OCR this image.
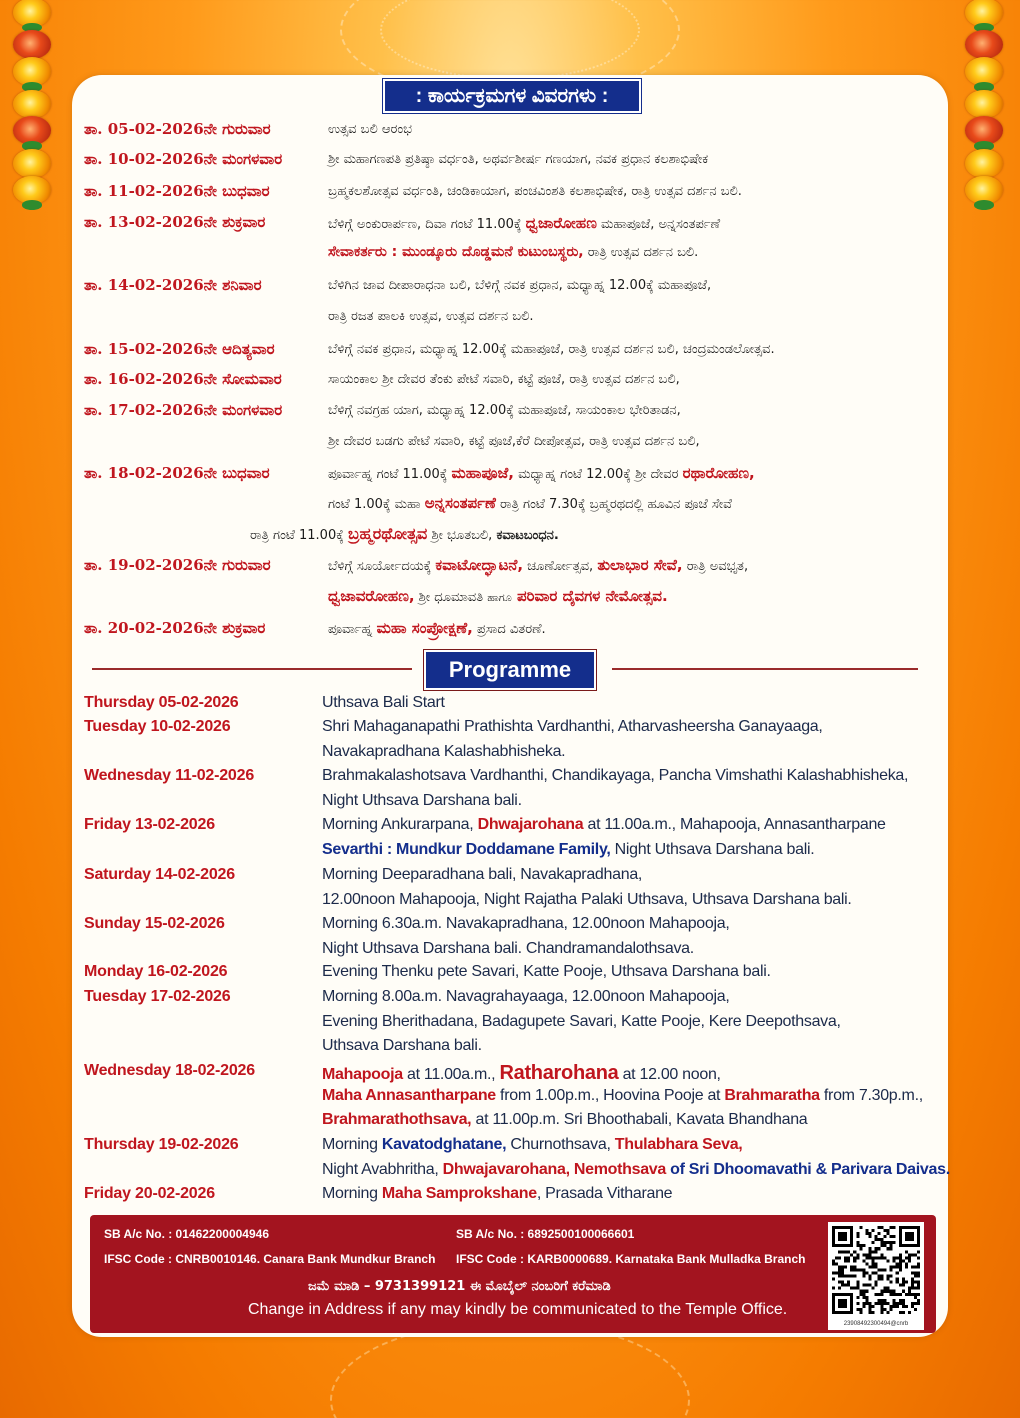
: ಕಾರ್ಯಕ್ರಮಗಳ ವಿವರಗಳು :
ತಾ. 05-02-2026ನೇ ಗುರುವಾರ	ಉತ್ಸವ ಬಲಿ ಆರಂಭ
ತಾ. 10-02-2026ನೇ ಮಂಗಳವಾರ	ಶ್ರೀ ಮಹಾಗಣಪತಿ ಪ್ರತಿಷ್ಠಾ ವರ್ಧಂತಿ, ಅಥರ್ವಶೀರ್ಷ ಗಣಯಾಗ, ನವಕ ಪ್ರಧಾನ ಕಲಶಾಭಿಷೇಕ
ತಾ. 11-02-2026ನೇ ಬುಧವಾರ	ಬ್ರಹ್ಮಕಲಶೋತ್ಸವ ವರ್ಧಂತಿ, ಚಂಡಿಕಾಯಾಗ, ಪಂಚವಿಂಶತಿ ಕಲಶಾಭಿಷೇಕ, ರಾತ್ರಿ ಉತ್ಸವ ದರ್ಶನ ಬಲಿ.
ತಾ. 13-02-2026ನೇ ಶುಕ್ರವಾರ	ಬೆಳಿಗ್ಗೆ ಅಂಕುರಾರ್ಪಣ, ದಿವಾ ಗಂಟೆ 11.00ಕ್ಕೆ ಧ್ವಜಾರೋಹಣ ಮಹಾಪೂಜೆ, ಅನ್ನಸಂತರ್ಪಣೆ
ಸೇವಾಕರ್ತರು : ಮುಂಡ್ಕೂರು ದೊಡ್ಡಮನೆ ಕುಟುಂಬಸ್ಥರು, ರಾತ್ರಿ ಉತ್ಸವ ದರ್ಶನ ಬಲಿ.
ತಾ. 14-02-2026ನೇ ಶನಿವಾರ	ಬೆಳಿಗಿನ ಜಾವ ದೀಪಾರಾಧನಾ ಬಲಿ, ಬೆಳಿಗ್ಗೆ ನವಕ ಪ್ರಧಾನ, ಮಧ್ಯಾಹ್ನ 12.00ಕ್ಕೆ ಮಹಾಪೂಜೆ,
ರಾತ್ರಿ ರಜತ ಪಾಲಕಿ ಉತ್ಸವ, ಉತ್ಸವ ದರ್ಶನ ಬಲಿ.
ತಾ. 15-02-2026ನೇ ಆದಿತ್ಯವಾರ	ಬೆಳಿಗ್ಗೆ ನವಕ ಪ್ರಧಾನ, ಮಧ್ಯಾಹ್ನ 12.00ಕ್ಕೆ ಮಹಾಪೂಜೆ, ರಾತ್ರಿ ಉತ್ಸವ ದರ್ಶನ ಬಲಿ, ಚಂದ್ರಮಂಡಲೋತ್ಸವ.
ತಾ. 16-02-2026ನೇ ಸೋಮವಾರ	ಸಾಯಂಕಾಲ ಶ್ರೀ ದೇವರ ತೆಂಕು ಪೇಟೆ ಸವಾರಿ, ಕಟ್ಟೆ ಪೂಜೆ, ರಾತ್ರಿ ಉತ್ಸವ ದರ್ಶನ ಬಲಿ,
ತಾ. 17-02-2026ನೇ ಮಂಗಳವಾರ	ಬೆಳಿಗ್ಗೆ ನವಗ್ರಹ ಯಾಗ, ಮಧ್ಯಾಹ್ನ 12.00ಕ್ಕೆ ಮಹಾಪೂಜೆ, ಸಾಯಂಕಾಲ ಭೇರಿತಾಡನ,
ಶ್ರೀ ದೇವರ ಬಡಗು ಪೇಟೆ ಸವಾರಿ, ಕಟ್ಟೆ ಪೂಜೆ,ಕೆರೆ ದೀಪೋತ್ಸವ, ರಾತ್ರಿ ಉತ್ಸವ ದರ್ಶನ ಬಲಿ,
ತಾ. 18-02-2026ನೇ ಬುಧವಾರ	ಪೂರ್ವಾಹ್ನ ಗಂಟೆ 11.00ಕ್ಕೆ ಮಹಾಪೂಜೆ, ಮಧ್ಯಾಹ್ನ ಗಂಟೆ 12.00ಕ್ಕೆ ಶ್ರೀ ದೇವರ ರಥಾರೋಹಣ,
ಗಂಟೆ 1.00ಕ್ಕೆ ಮಹಾ ಅನ್ನಸಂತರ್ಪಣೆ ರಾತ್ರಿ ಗಂಟೆ 7.30ಕ್ಕೆ ಬ್ರಹ್ಮರಥದಲ್ಲಿ ಹೂವಿನ ಪೂಜೆ ಸೇವೆ
ರಾತ್ರಿ ಗಂಟೆ 11.00ಕ್ಕೆ ಬ್ರಹ್ಮರಥೋತ್ಸವ ಶ್ರೀ ಭೂತಬಲಿ, ಕವಾಟಬಂಧನ.
ತಾ. 19-02-2026ನೇ ಗುರುವಾರ	ಬೆಳಿಗ್ಗೆ ಸೂರ್ಯೋದಯಕ್ಕೆ ಕವಾಟೋದ್ಘಾಟನೆ, ಚೂರ್ಣೋತ್ಸವ, ತುಲಾಭಾರ ಸೇವೆ, ರಾತ್ರಿ ಅವಭೃತ,
ಧ್ವಜಾವರೋಹಣ, ಶ್ರೀ ಧೂಮಾವತಿ ಹಾಗೂ ಪರಿವಾರ ದೈವಗಳ ನೇಮೋತ್ಸವ.
ತಾ. 20-02-2026ನೇ ಶುಕ್ರವಾರ	ಪೂರ್ವಾಹ್ನ ಮಹಾ ಸಂಪ್ರೋಕ್ಷಣೆ, ಪ್ರಸಾದ ವಿತರಣೆ.
Programme
Thursday 05-02-2026	Uthsava Bali Start
Tuesday 10-02-2026	Shri Mahaganapathi Prathishta Vardhanthi, Atharvasheersha Ganayaaga,
Navakapradhana Kalashabhisheka.
Wednesday 11-02-2026	Brahmakalashotsava Vardhanthi, Chandikayaga, Pancha Vimshathi Kalashabhisheka,
Night Uthsava Darshana bali.
Friday 13-02-2026	Morning Ankurarpana, Dhwajarohana at 11.00a.m., Mahapooja, Annasantharpane
Sevarthi : Mundkur Doddamane Family, Night Uthsava Darshana bali.
Saturday 14-02-2026	Morning Deeparadhana bali, Navakapradhana,
12.00noon Mahapooja, Night Rajatha Palaki Uthsava, Uthsava Darshana bali.
Sunday 15-02-2026	Morning 6.30a.m. Navakapradhana, 12.00noon Mahapooja,
Night Uthsava Darshana bali. Chandramandalothsava.
Monday 16-02-2026	Evening Thenku pete Savari, Katte Pooje, Uthsava Darshana bali.
Tuesday 17-02-2026	Morning 8.00a.m. Navagrahayaaga, 12.00noon Mahapooja,
Evening Bherithadana, Badagupete Savari, Katte Pooje, Kere Deepothsava,
Uthsava Darshana bali.
Wednesday 18-02-2026	Mahapooja at 11.00a.m., Ratharohana at 12.00 noon,
Maha Annasantharpane from 1.00p.m., Hoovina Pooje at Brahmaratha from 7.30p.m.,
Brahmarathothsava, at 11.00p.m. Sri Bhoothabali, Kavata Bhandhana
Thursday 19-02-2026	Morning Kavatodghatane, Churnothsava, Thulabhara Seva,
Night Avabhritha, Dhwajavarohana, Nemothsava of Sri Dhoomavathi & Parivara Daivas.
Friday 20-02-2026	Morning Maha Samprokshane, Prasada Vitharane
SB A/c No. : 01462200004946	SB A/c No. : 6892500100066601
IFSC Code : CNRB0010146. Canara Bank Mundkur Branch IFSC Code : KARB0000689. Karnataka Bank Mulladka Branch
ಜಮೆ ಮಾಡಿ – 9731399121 ಈ ಮೊಬೈಲ್ ನಂಬರಿಗೆ ಕರೆಮಾಡಿ
Change in Address if any may kindly be communicated to the Temple Office.
23908492300494@cnrb
